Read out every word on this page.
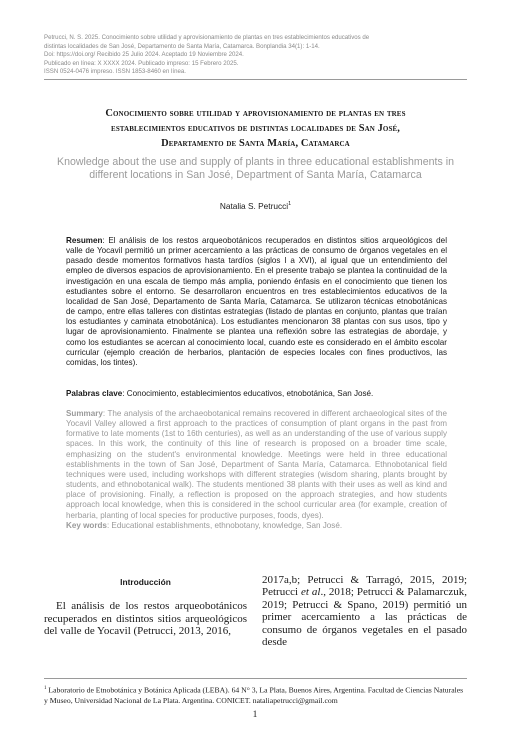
Petrucci, N. S. 2025. Conocimiento sobre utilidad y aprovisionamiento de plantas en tres establecimientos educativos de
distintas localidades de San José, Departamento de Santa María, Catamarca. Bonplandia 34(1): 1-14.
Doi: https://doi.org/ Recibido 25 Julio 2024. Aceptado 19 Noviembre 2024.
Publicado en línea: X XXXX 2024. Publicado impreso: 15 Febrero 2025.
ISSN 0524-0476 impreso. ISSN 1853-8460 en línea.
Conocimiento sobre utilidad y aprovisionamiento de plantas en tres
establecimientos educativos de distintas localidades de San José,
Departamento de Santa María, Catamarca
Knowledge about the use and supply of plants in three educational establishments in different locations in San José, Department of Santa María, Catamarca
Natalia S. Petrucci$^1$
Resumen: El análisis de los restos arqueobotánicos recuperados en distintos sitios arqueológicos del valle de Yocavil permitió un primer acercamiento a las prácticas de consumo de órganos vegetales en el pasado desde momentos formativos hasta tardíos (siglos I a XVI), al igual que un entendimiento del empleo de diversos espacios de aprovisionamiento. En el presente trabajo se plantea la continuidad de la investigación en una escala de tiempo más amplia, poniendo énfasis en el conocimiento que tienen los estudiantes sobre el entorno. Se desarrollaron encuentros en tres establecimientos educativos de la localidad de San José, Departamento de Santa María, Catamarca. Se utilizaron técnicas etnobotánicas de campo, entre ellas talleres con distintas estrategias (listado de plantas en conjunto, plantas que traían los estudiantes y caminata etnobotánica). Los estudiantes mencionaron 38 plantas con sus usos, tipo y lugar de aprovisionamiento. Finalmente se plantea una reflexión sobre las estrategias de abordaje, y como los estudiantes se acercan al conocimiento local, cuando este es considerado en el ámbito escolar curricular (ejemplo creación de herbarios, plantación de especies locales con fines productivos, las comidas, los tintes).
Palabras clave: Conocimiento, establecimientos educativos, etnobotánica, San José.
Summary: The analysis of the archaeobotanical remains recovered in different archaeological sites of the Yocavil Valley allowed a first approach to the practices of consumption of plant organs in the past from formative to late moments (1st to 16th centuries), as well as an understanding of the use of various supply spaces. In this work, the continuity of this line of research is proposed on a broader time scale, emphasizing on the student's environmental knowledge. Meetings were held in three educational establishments in the town of San José, Department of Santa María, Catamarca. Ethnobotanical field techniques were used, including workshops with different strategies (wisdom sharing, plants brought by students, and ethnobotanical walk). The students mentioned 38 plants with their uses as well as kind and place of provisioning. Finally, a reflection is proposed on the approach strategies, and how students approach local knowledge, when this is considered in the school curricular area (for example, creation of herbaria, planting of local species for productive purposes, foods, dyes).
Key words: Educational establishments, ethnobotany, knowledge, San José.
Introducción

El análisis de los restos arqueobotánicos recuperados en distintos sitios arqueológicos del valle de Yocavil (Petrucci, 2013, 2016,

2017a,b; Petrucci & Tarragó, 2015, 2019; Petrucci et al., 2018; Petrucci & Palamarczuk, 2019; Petrucci & Spano, 2019) permitió un primer acercamiento a las prácticas de consumo de órganos vegetales en el pasado desde

$^1$ Laboratorio de Etnobotánica y Botánica Aplicada (LEBA). 64 N° 3, La Plata, Buenos Aires, Argentina. Facultad de Ciencias Naturales y Museo, Universidad Nacional de La Plata. Argentina. CONICET. nataliapetrucci@gmail.com
1
